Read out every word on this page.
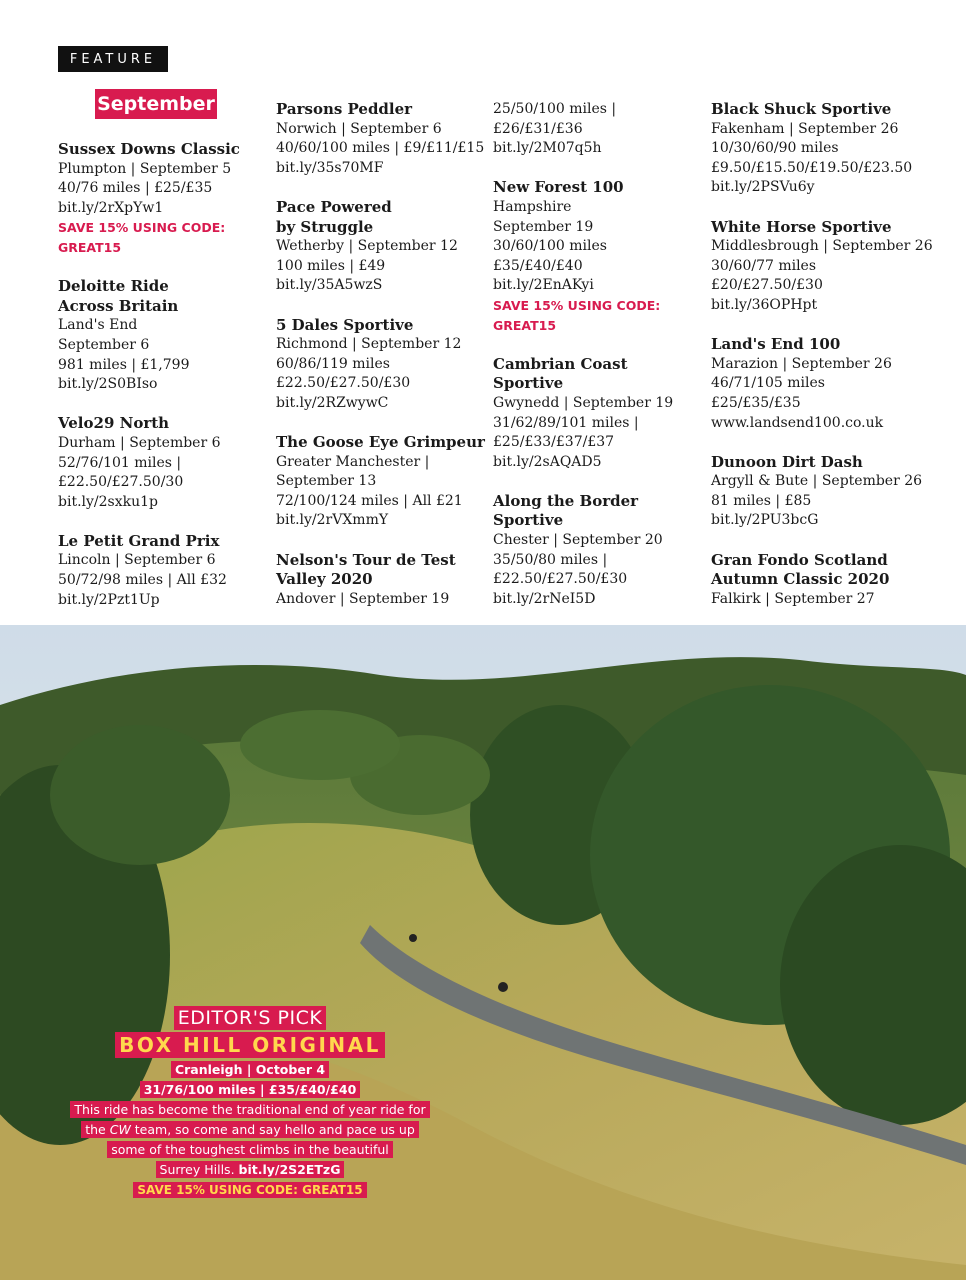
FEATURE
September
Sussex Downs Classic
Plumpton | September 5
40/76 miles | £25/£35
bit.ly/2rXpYw1
SAVE 15% USING CODE:
GREAT15
Deloitte Ride
Across Britain
Land's End
September 6
981 miles | £1,799
bit.ly/2S0BIso
Velo29 North
Durham | September 6
52/76/101 miles |
£22.50/£27.50/30
bit.ly/2sxku1p
Le Petit Grand Prix
Lincoln | September 6
50/72/98 miles | All £32
bit.ly/2Pzt1Up
Parsons Peddler
Norwich | September 6
40/60/100 miles | £9/£11/£15
bit.ly/35s70MF
Pace Powered
by Struggle
Wetherby | September 12
100 miles | £49
bit.ly/35A5wzS
5 Dales Sportive
Richmond | September 12
60/86/119 miles
£22.50/£27.50/£30
bit.ly/2RZwywC
The Goose Eye Grimpeur
Greater Manchester |
September 13
72/100/124 miles | All £21
bit.ly/2rVXmmY
Nelson's Tour de Test
Valley 2020
Andover | September 19
25/50/100 miles |
£26/£31/£36
bit.ly/2M07q5h
New Forest 100
Hampshire
September 19
30/60/100 miles
£35/£40/£40
bit.ly/2EnAKyi
SAVE 15% USING CODE:
GREAT15
Cambrian Coast
Sportive
Gwynedd | September 19
31/62/89/101 miles |
£25/£33/£37/£37
bit.ly/2sAQAD5
Along the Border
Sportive
Chester | September 20
35/50/80 miles |
£22.50/£27.50/£30
bit.ly/2rNeI5D
Black Shuck Sportive
Fakenham | September 26
10/30/60/90 miles
£9.50/£15.50/£19.50/£23.50
bit.ly/2PSVu6y
White Horse Sportive
Middlesbrough | September 26
30/60/77 miles
£20/£27.50/£30
bit.ly/36OPHpt
Land's End 100
Marazion | September 26
46/71/105 miles
£25/£35/£35
www.landsend100.co.uk
Dunoon Dirt Dash
Argyll & Bute | September 26
81 miles | £85
bit.ly/2PU3bcG
Gran Fondo Scotland
Autumn Classic 2020
Falkirk | September 27
EDITOR'S PICK
BOX HILL ORIGINAL
Cranleigh | October 4
31/76/100 miles | £35/£40/£40
This ride has become the traditional end of year ride for
the CW team, so come and say hello and pace us up
some of the toughest climbs in the beautiful
Surrey Hills. bit.ly/2S2ETzG
SAVE 15% USING CODE: GREAT15
